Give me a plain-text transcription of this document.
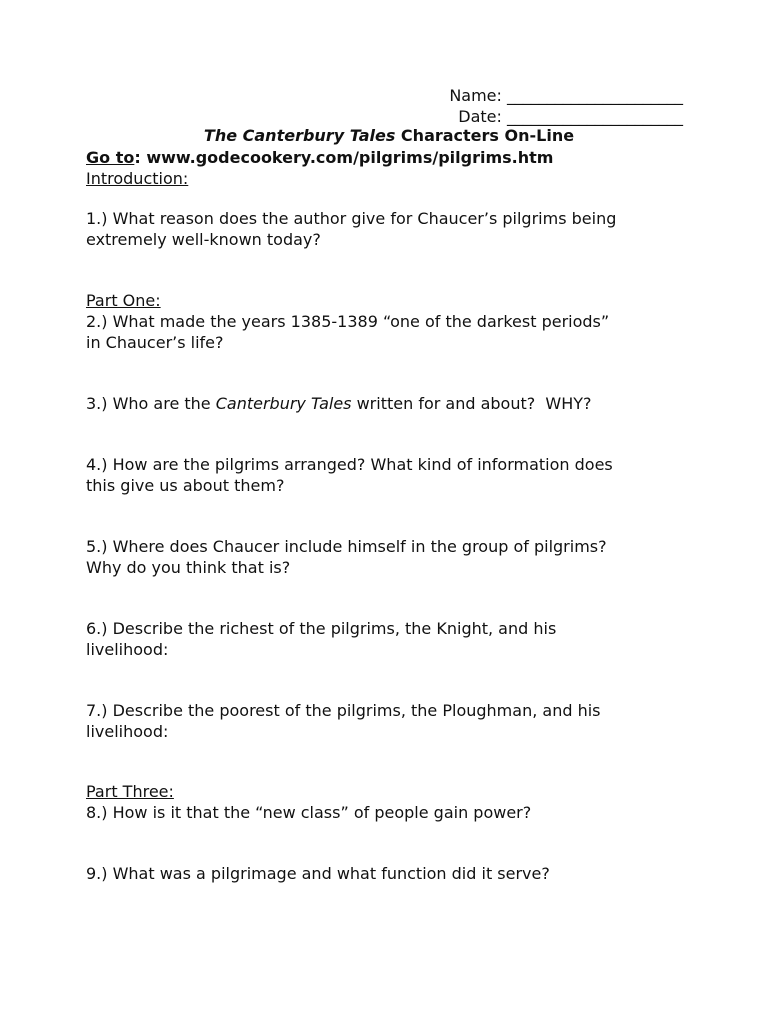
Name: ______________________
Date: ______________________
The Canterbury Tales Characters On-Line
Go to: www.godecookery.com/pilgrims/pilgrims.htm
Introduction:
1.) What reason does the author give for Chaucer’s pilgrims being
extremely well-known today?
Part One:
2.) What made the years 1385-1389 “one of the darkest periods”
in Chaucer’s life?
3.) Who are the Canterbury Tales written for and about?  WHY?
4.) How are the pilgrims arranged? What kind of information does
this give us about them?
5.) Where does Chaucer include himself in the group of pilgrims?
Why do you think that is?
6.) Describe the richest of the pilgrims, the Knight, and his
livelihood:
7.) Describe the poorest of the pilgrims, the Ploughman, and his
livelihood:
Part Three:
8.) How is it that the “new class” of people gain power?
9.) What was a pilgrimage and what function did it serve?
